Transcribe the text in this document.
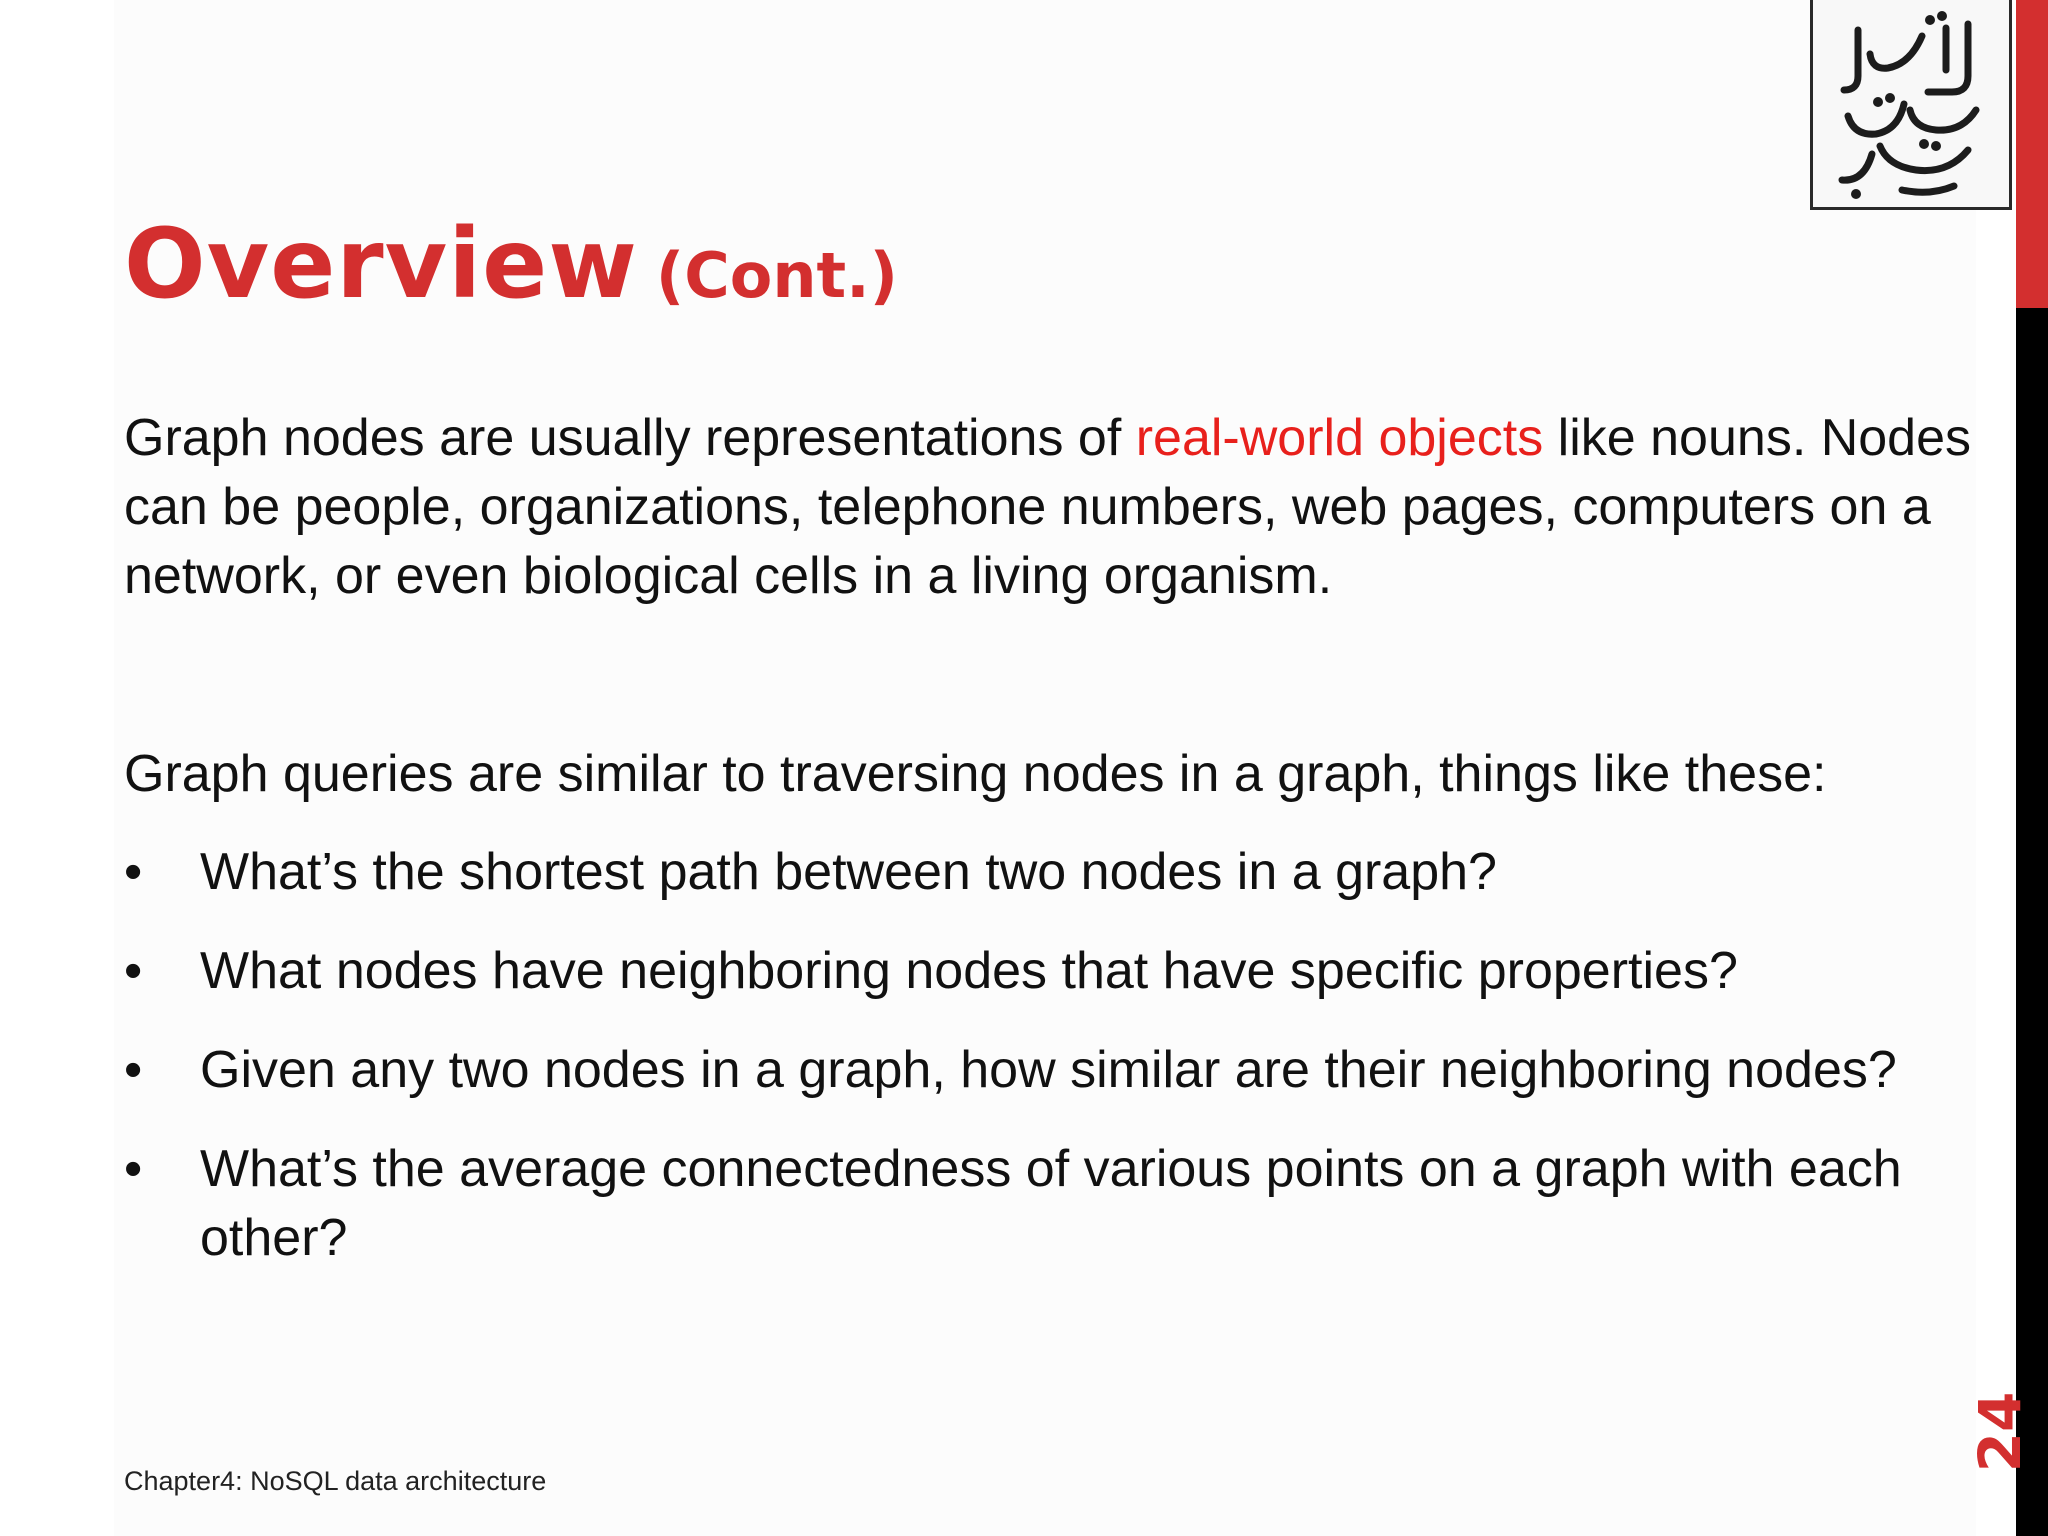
Overview (Cont.)

Graph nodes are usually representations of real-world objects like nouns. Nodes can be people, organizations, telephone numbers, web pages, computers on a network, or even biological cells in a living organism.

Graph queries are similar to traversing nodes in a graph, things like these:

• What’s the shortest path between two nodes in a graph?
• What nodes have neighboring nodes that have specific properties?
• Given any two nodes in a graph, how similar are their neighboring nodes?
• What’s the average connectedness of various points on a graph with each other?

Chapter4: NoSQL data architecture

24
